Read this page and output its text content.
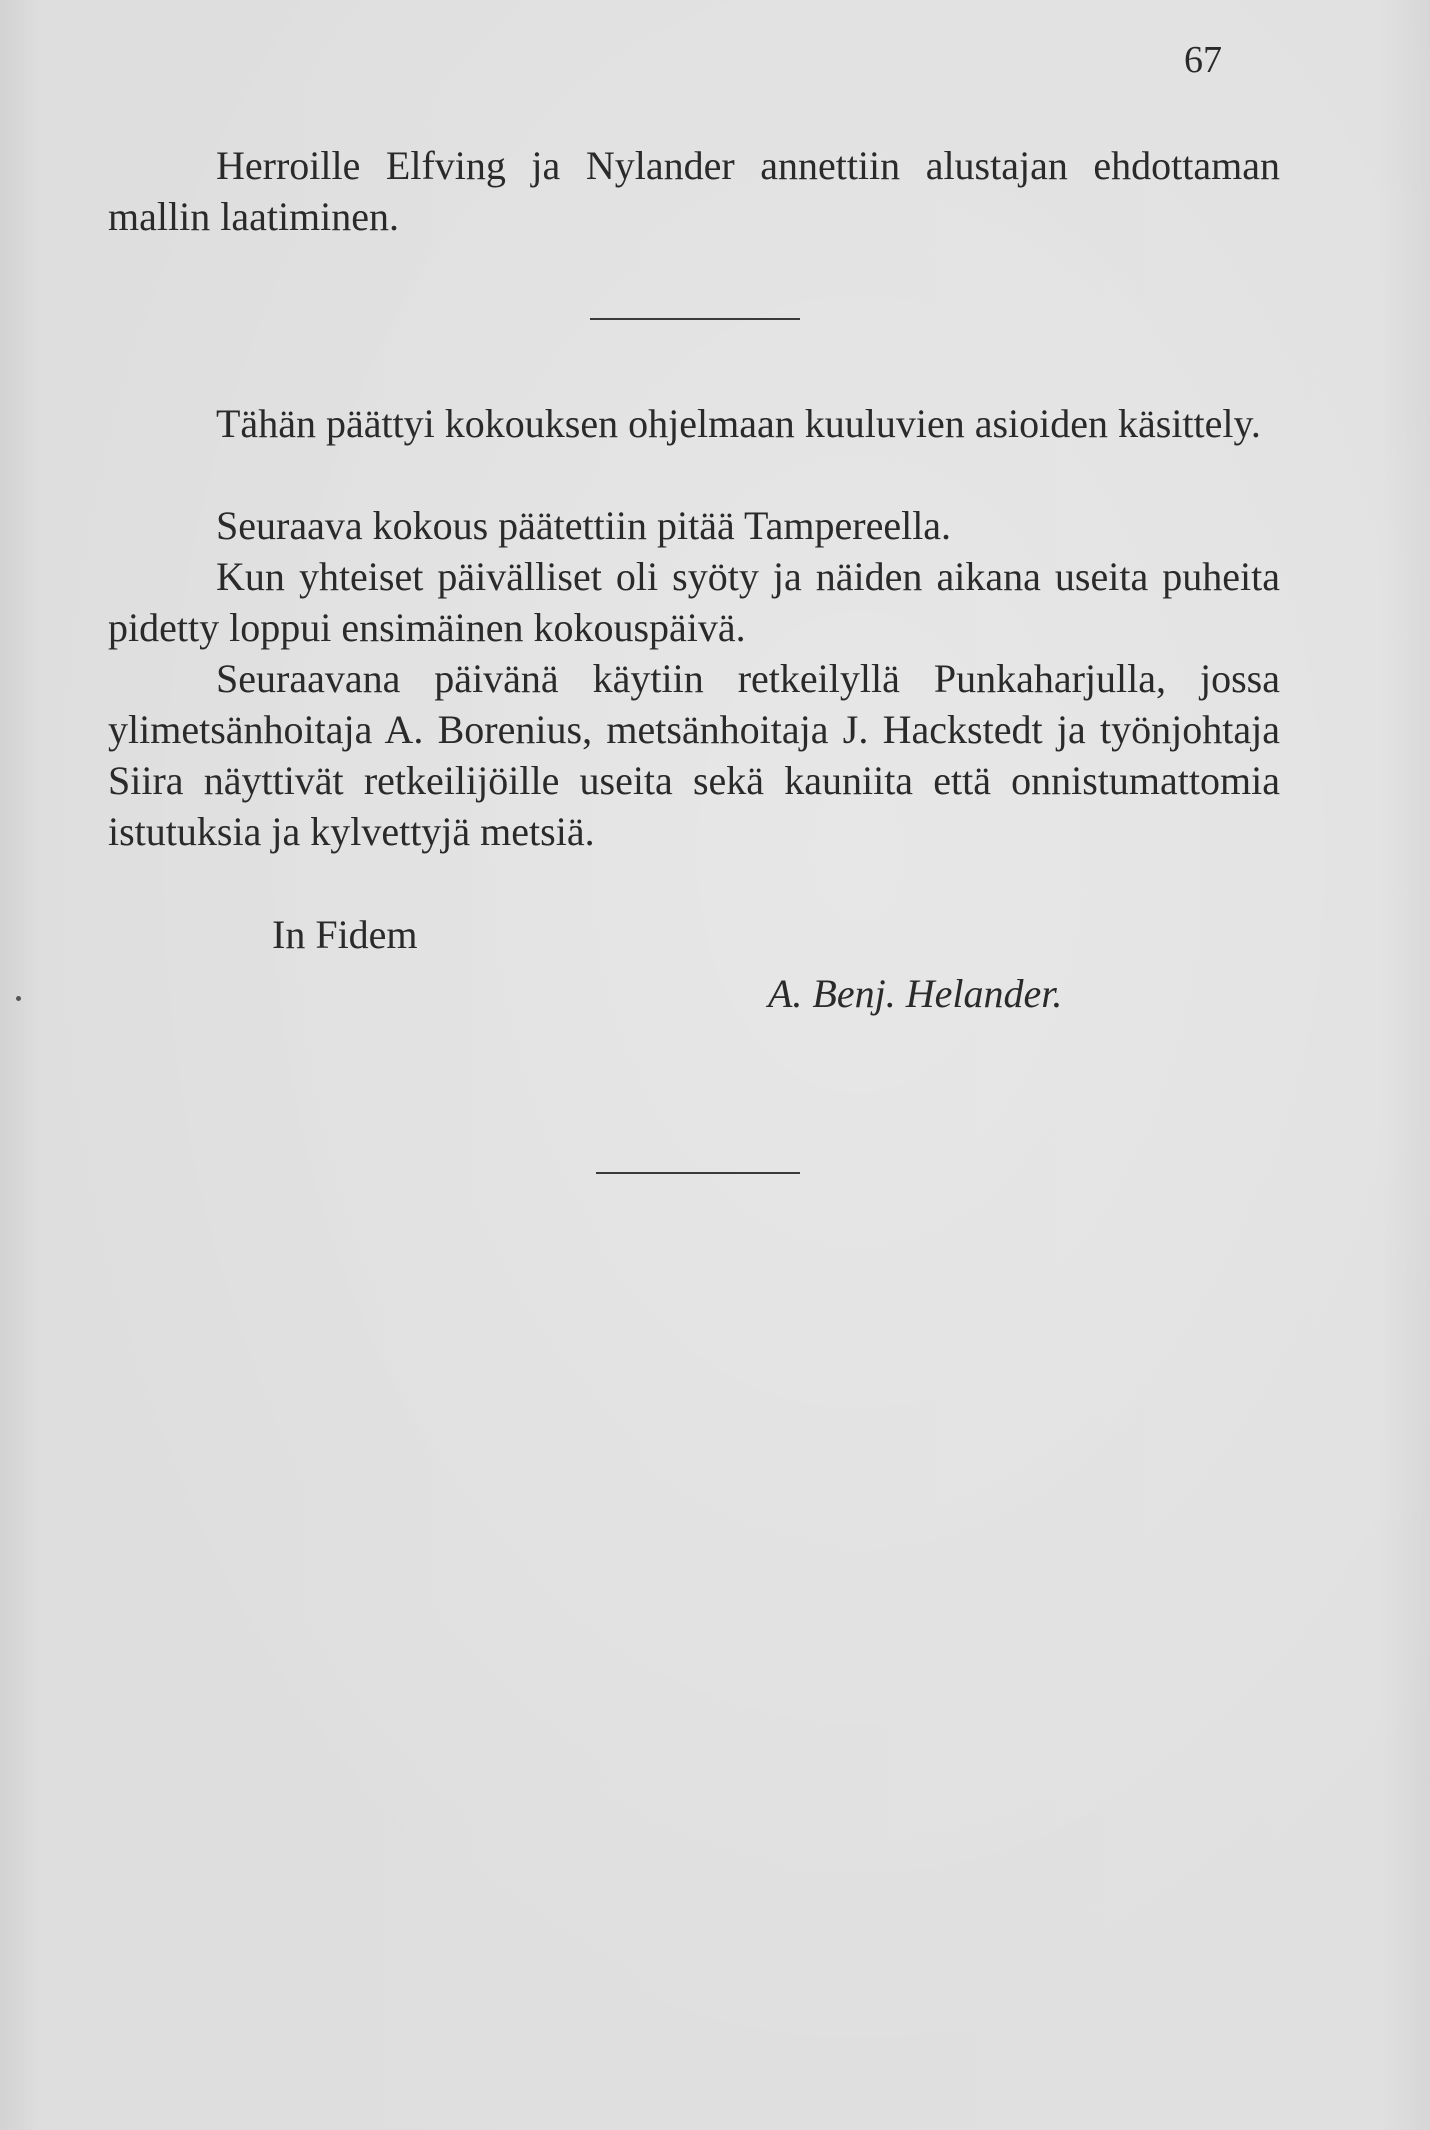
67

Herroille Elfving ja Nylander annettiin alustajan ehdottaman mallin laatiminen.

Tähän päättyi kokouksen ohjelmaan kuuluvien asioiden käsittely.

Seuraava kokous päätettiin pitää Tampereella.

Kun yhteiset päivälliset oli syöty ja näiden aikana useita puheita pidetty loppui ensimäinen kokouspäivä.

Seuraavana päivänä käytiin retkeilyllä Punkaharjulla, jossa ylimetsänhoitaja A. Borenius, metsänhoitaja J. Hackstedt ja työnjohtaja Siira näyttivät retkeilijöille useita sekä kauniita että onnistumattomia istutuksia ja kylvettyjä metsiä.

In Fidem
A. Benj. Helander.
